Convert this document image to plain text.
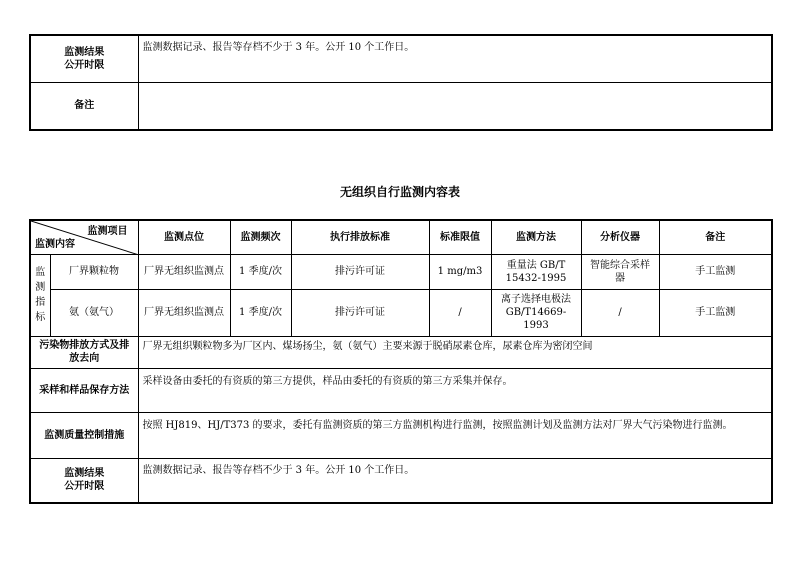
监测结果
公开时限	监测数据记录、报告等存档不少于 3 年。公开 10 个工作日。
备注	
无组织自行监测内容表
监测项目
监测内容		监测点位	监测频次	执行排放标准	标准限值	监测方法	分析仪器	备注

监
测
指
标	厂界颗粒物	厂界无组织监测点	1 季度/次	排污许可证	1 mg/m3	重量法 GB/T 15432-1995	智能综合采样器	手工监测
	氨（氨气）	厂界无组织监测点	1 季度/次	排污许可证	/	离子选择电极法 GB/T14669-1993	/	手工监测
污染物排放方式及排放去向		厂界无组织颗粒物多为厂区内、煤场扬尘，氨（氨气）主要来源于脱硝尿素仓库，尿素仓库为密闭空间						
采样和样品保存方法		采样设备由委托的有资质的第三方提供，样品由委托的有资质的第三方采集并保存。						
监测质量控制措施		按照 HJ819、HJ/T373 的要求，委托有监测资质的第三方监测机构进行监测，按照监测计划及监测方法对厂界大气污染物进行监测。						

监测结果
公开时限		监测数据记录、报告等存档不少于 3 年。公开 10 个工作日。						
